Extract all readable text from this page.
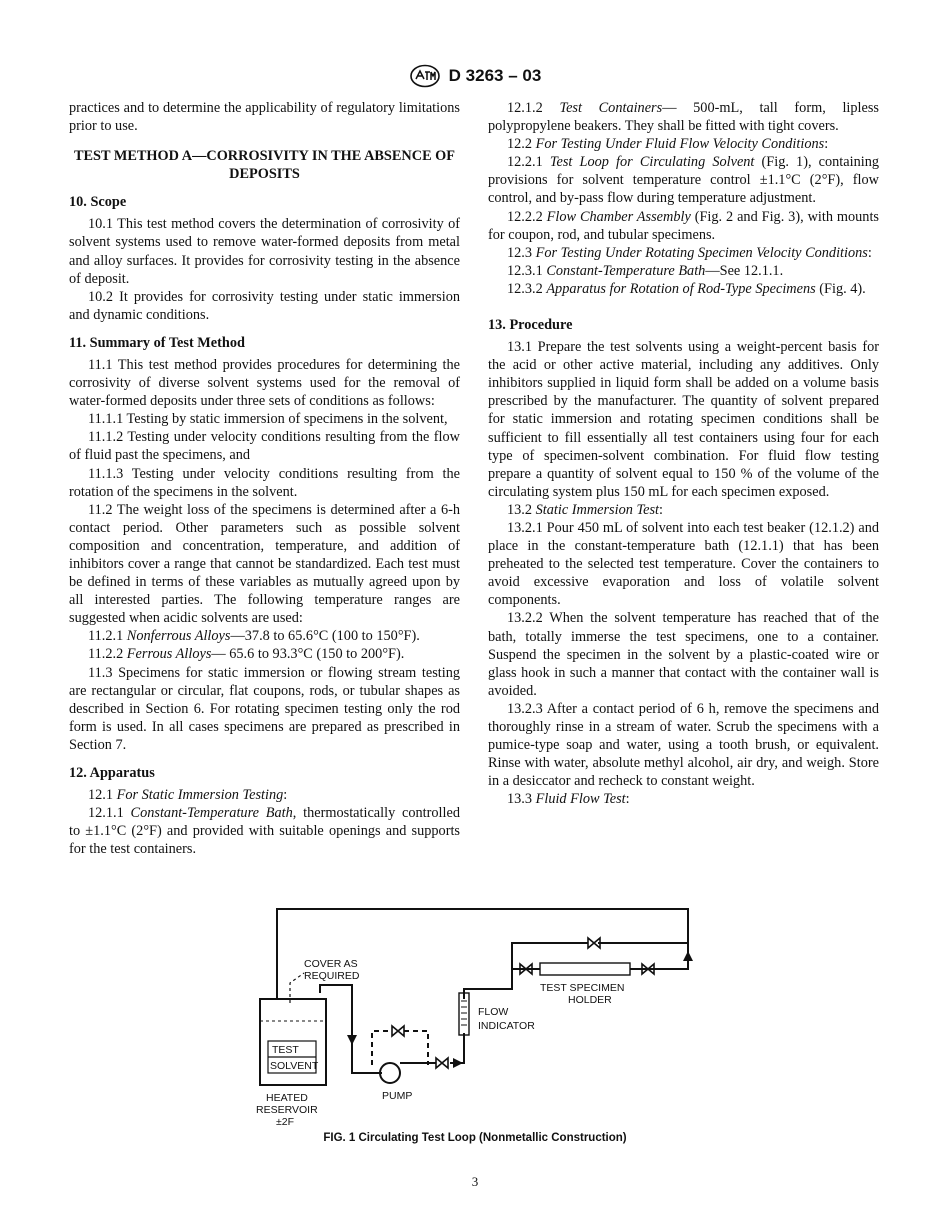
D 3263 – 03

practices and to determine the applicability of regulatory limitations prior to use.

TEST METHOD A—CORROSIVITY IN THE ABSENCE OF DEPOSITS
10. Scope

10.1 This test method covers the determination of corrosivity of solvent systems used to remove water-formed deposits from metal and alloy surfaces. It provides for corrosivity testing in the absence of deposit.

10.2 It provides for corrosivity testing under static immersion and dynamic conditions.

11. Summary of Test Method

11.1 This test method provides procedures for determining the corrosivity of diverse solvent systems used for the removal of water-formed deposits under three sets of conditions as follows:

11.1.1 Testing by static immersion of specimens in the solvent,

11.1.2 Testing under velocity conditions resulting from the flow of fluid past the specimens, and

11.1.3 Testing under velocity conditions resulting from the rotation of the specimens in the solvent.

11.2 The weight loss of the specimens is determined after a 6-h contact period. Other parameters such as possible solvent composition and concentration, temperature, and addition of inhibitors cover a range that cannot be standardized. Each test must be defined in terms of these variables as mutually agreed upon by all interested parties. The following temperature ranges are suggested when acidic solvents are used:

11.2.1 Nonferrous Alloys—37.8 to 65.6°C (100 to 150°F).

11.2.2 Ferrous Alloys— 65.6 to 93.3°C (150 to 200°F).

11.3 Specimens for static immersion or flowing stream testing are rectangular or circular, flat coupons, rods, or tubular shapes as described in Section 6. For rotating specimen testing only the rod form is used. In all cases specimens are prepared as prescribed in Section 7.

12. Apparatus

12.1 For Static Immersion Testing:

12.1.1 Constant-Temperature Bath, thermostatically controlled to ±1.1°C (2°F) and provided with suitable openings and supports for the test containers.

12.1.2 Test Containers— 500-mL, tall form, lipless polypropylene beakers. They shall be fitted with tight covers.

12.2 For Testing Under Fluid Flow Velocity Conditions:

12.2.1 Test Loop for Circulating Solvent (Fig. 1), containing provisions for solvent temperature control ±1.1°C (2°F), flow control, and by-pass flow during temperature adjustment.

12.2.2 Flow Chamber Assembly (Fig. 2 and Fig. 3), with mounts for coupon, rod, and tubular specimens.

12.3 For Testing Under Rotating Specimen Velocity Conditions:

12.3.1 Constant-Temperature Bath—See 12.1.1.

12.3.2 Apparatus for Rotation of Rod-Type Specimens (Fig. 4).

13. Procedure

13.1 Prepare the test solvents using a weight-percent basis for the acid or other active material, including any additives. Only inhibitors supplied in liquid form shall be added on a volume basis prescribed by the manufacturer. The quantity of solvent prepared for static immersion and rotating specimen conditions shall be sufficient to fill essentially all test containers using four for each type of specimen-solvent combination. For fluid flow testing prepare a quantity of solvent equal to 150 % of the volume of the circulating system plus 150 mL for each specimen exposed.

13.2 Static Immersion Test:

13.2.1 Pour 450 mL of solvent into each test beaker (12.1.2) and place in the constant-temperature bath (12.1.1) that has been preheated to the selected test temperature. Cover the containers to avoid excessive evaporation and loss of volatile solvent components.

13.2.2 When the solvent temperature has reached that of the bath, totally immerse the test specimens, one to a container. Suspend the specimen in the solvent by a plastic-coated wire or glass hook in such a manner that contact with the container wall is avoided.

13.2.3 After a contact period of 6 h, remove the specimens and thoroughly rinse in a stream of water. Scrub the specimens with a pumice-type soap and water, using a tooth brush, or equivalent. Rinse with water, absolute methyl alcohol, air dry, and weigh. Store in a desiccator and recheck to constant weight.

13.3 Fluid Flow Test:

COVER AS
REQUIRED
TEST
SOLVENT
HEATED
RESERVOIR
±2F
PUMP
FLOW
INDICATOR
TEST SPECIMEN
HOLDER
FIG. 1 Circulating Test Loop (Nonmetallic Construction)
3
